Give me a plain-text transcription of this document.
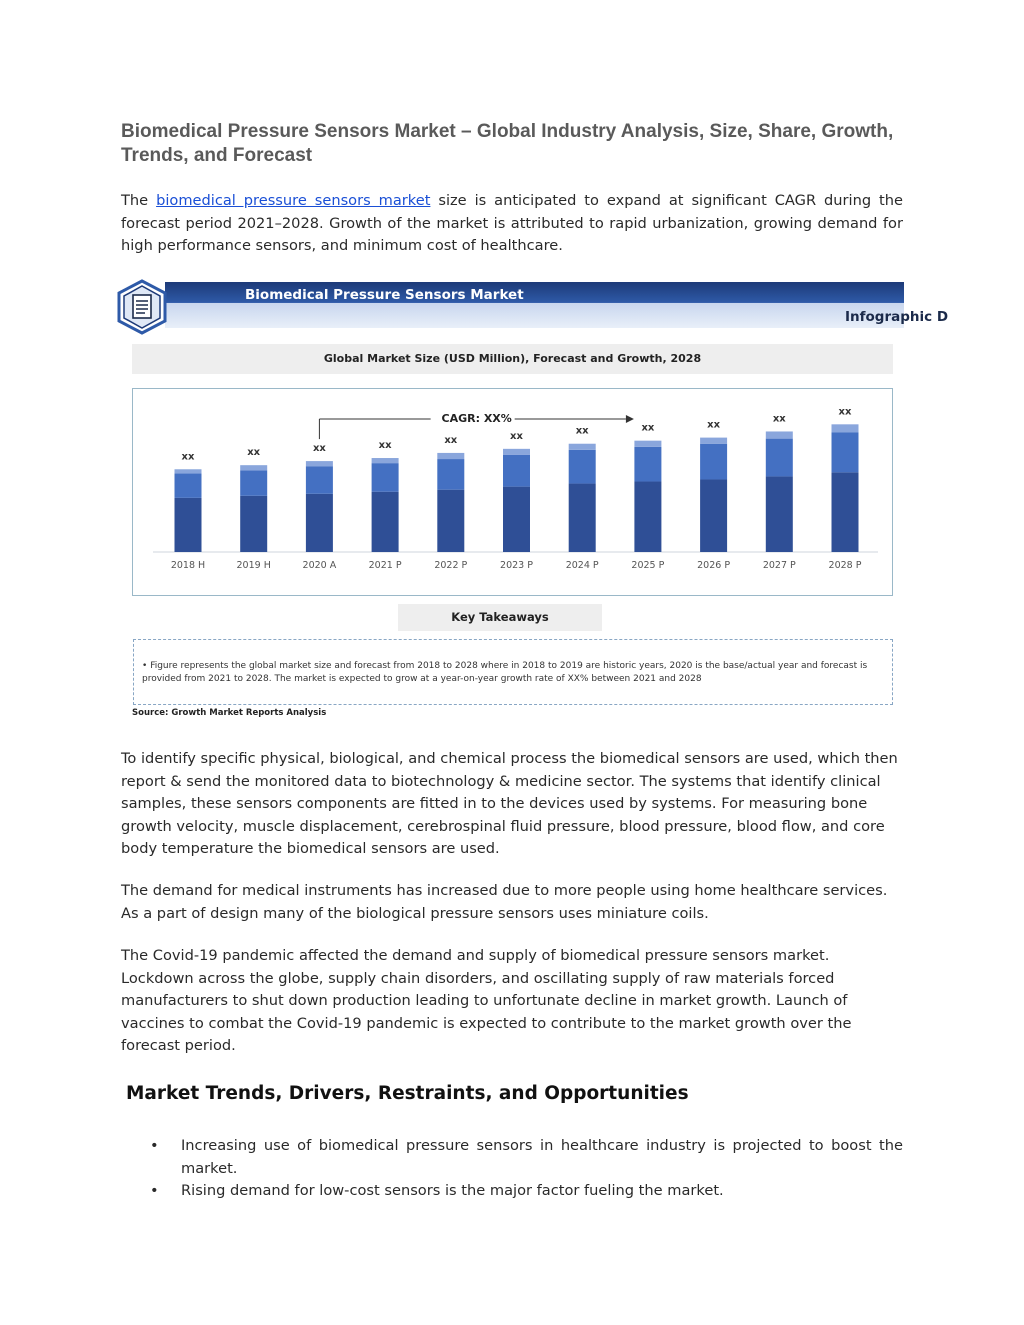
Biomedical Pressure Sensors Market – Global Industry Analysis, Size, Share, Growth, Trends, and Forecast

The biomedical pressure sensors market size is anticipated to expand at significant CAGR during the forecast period 2021–2028. Growth of the market is attributed to rapid urbanization, growing demand for high performance sensors, and minimum cost of healthcare.

Biomedical Pressure Sensors Market
Infographic D
Global Market Size (USD Million), Forecast and Growth, 2028
xx
2018 H
xx
2019 H
xx
2020 A
xx
2021 P
xx
2022 P
xx
2023 P
xx
2024 P
xx
2025 P
xx
2026 P
xx
2027 P
xx
2028 P
CAGR: XX%
Key Takeaways
• Figure represents the global market size and forecast from 2018 to 2028 where in 2018 to 2019 are historic years, 2020 is the base/actual year and forecast is provided from 2021 to 2028. The market is expected to grow at a year-on-year growth rate of XX% between 2021 and 2028
Source: Growth Market Reports Analysis

To identify specific physical, biological, and chemical process the biomedical sensors are used, which then report & send the monitored data to biotechnology & medicine sector. The systems that identify clinical samples, these sensors components are fitted in to the devices used by systems. For measuring bone growth velocity, muscle displacement, cerebrospinal fluid pressure, blood pressure, blood flow, and core body temperature the biomedical sensors are used.

The demand for medical instruments has increased due to more people using home healthcare services. As a part of design many of the biological pressure sensors uses miniature coils.

The Covid-19 pandemic affected the demand and supply of biomedical pressure sensors market. Lockdown across the globe, supply chain disorders, and oscillating supply of raw materials forced manufacturers to shut down production leading to unfortunate decline in market growth. Launch of vaccines to combat the Covid-19 pandemic is expected to contribute to the market growth over the forecast period.

Market Trends, Drivers, Restraints, and Opportunities
• Increasing use of biomedical pressure sensors in healthcare industry is projected to boost the market.
• Rising demand for low-cost sensors is the major factor fueling the market.
